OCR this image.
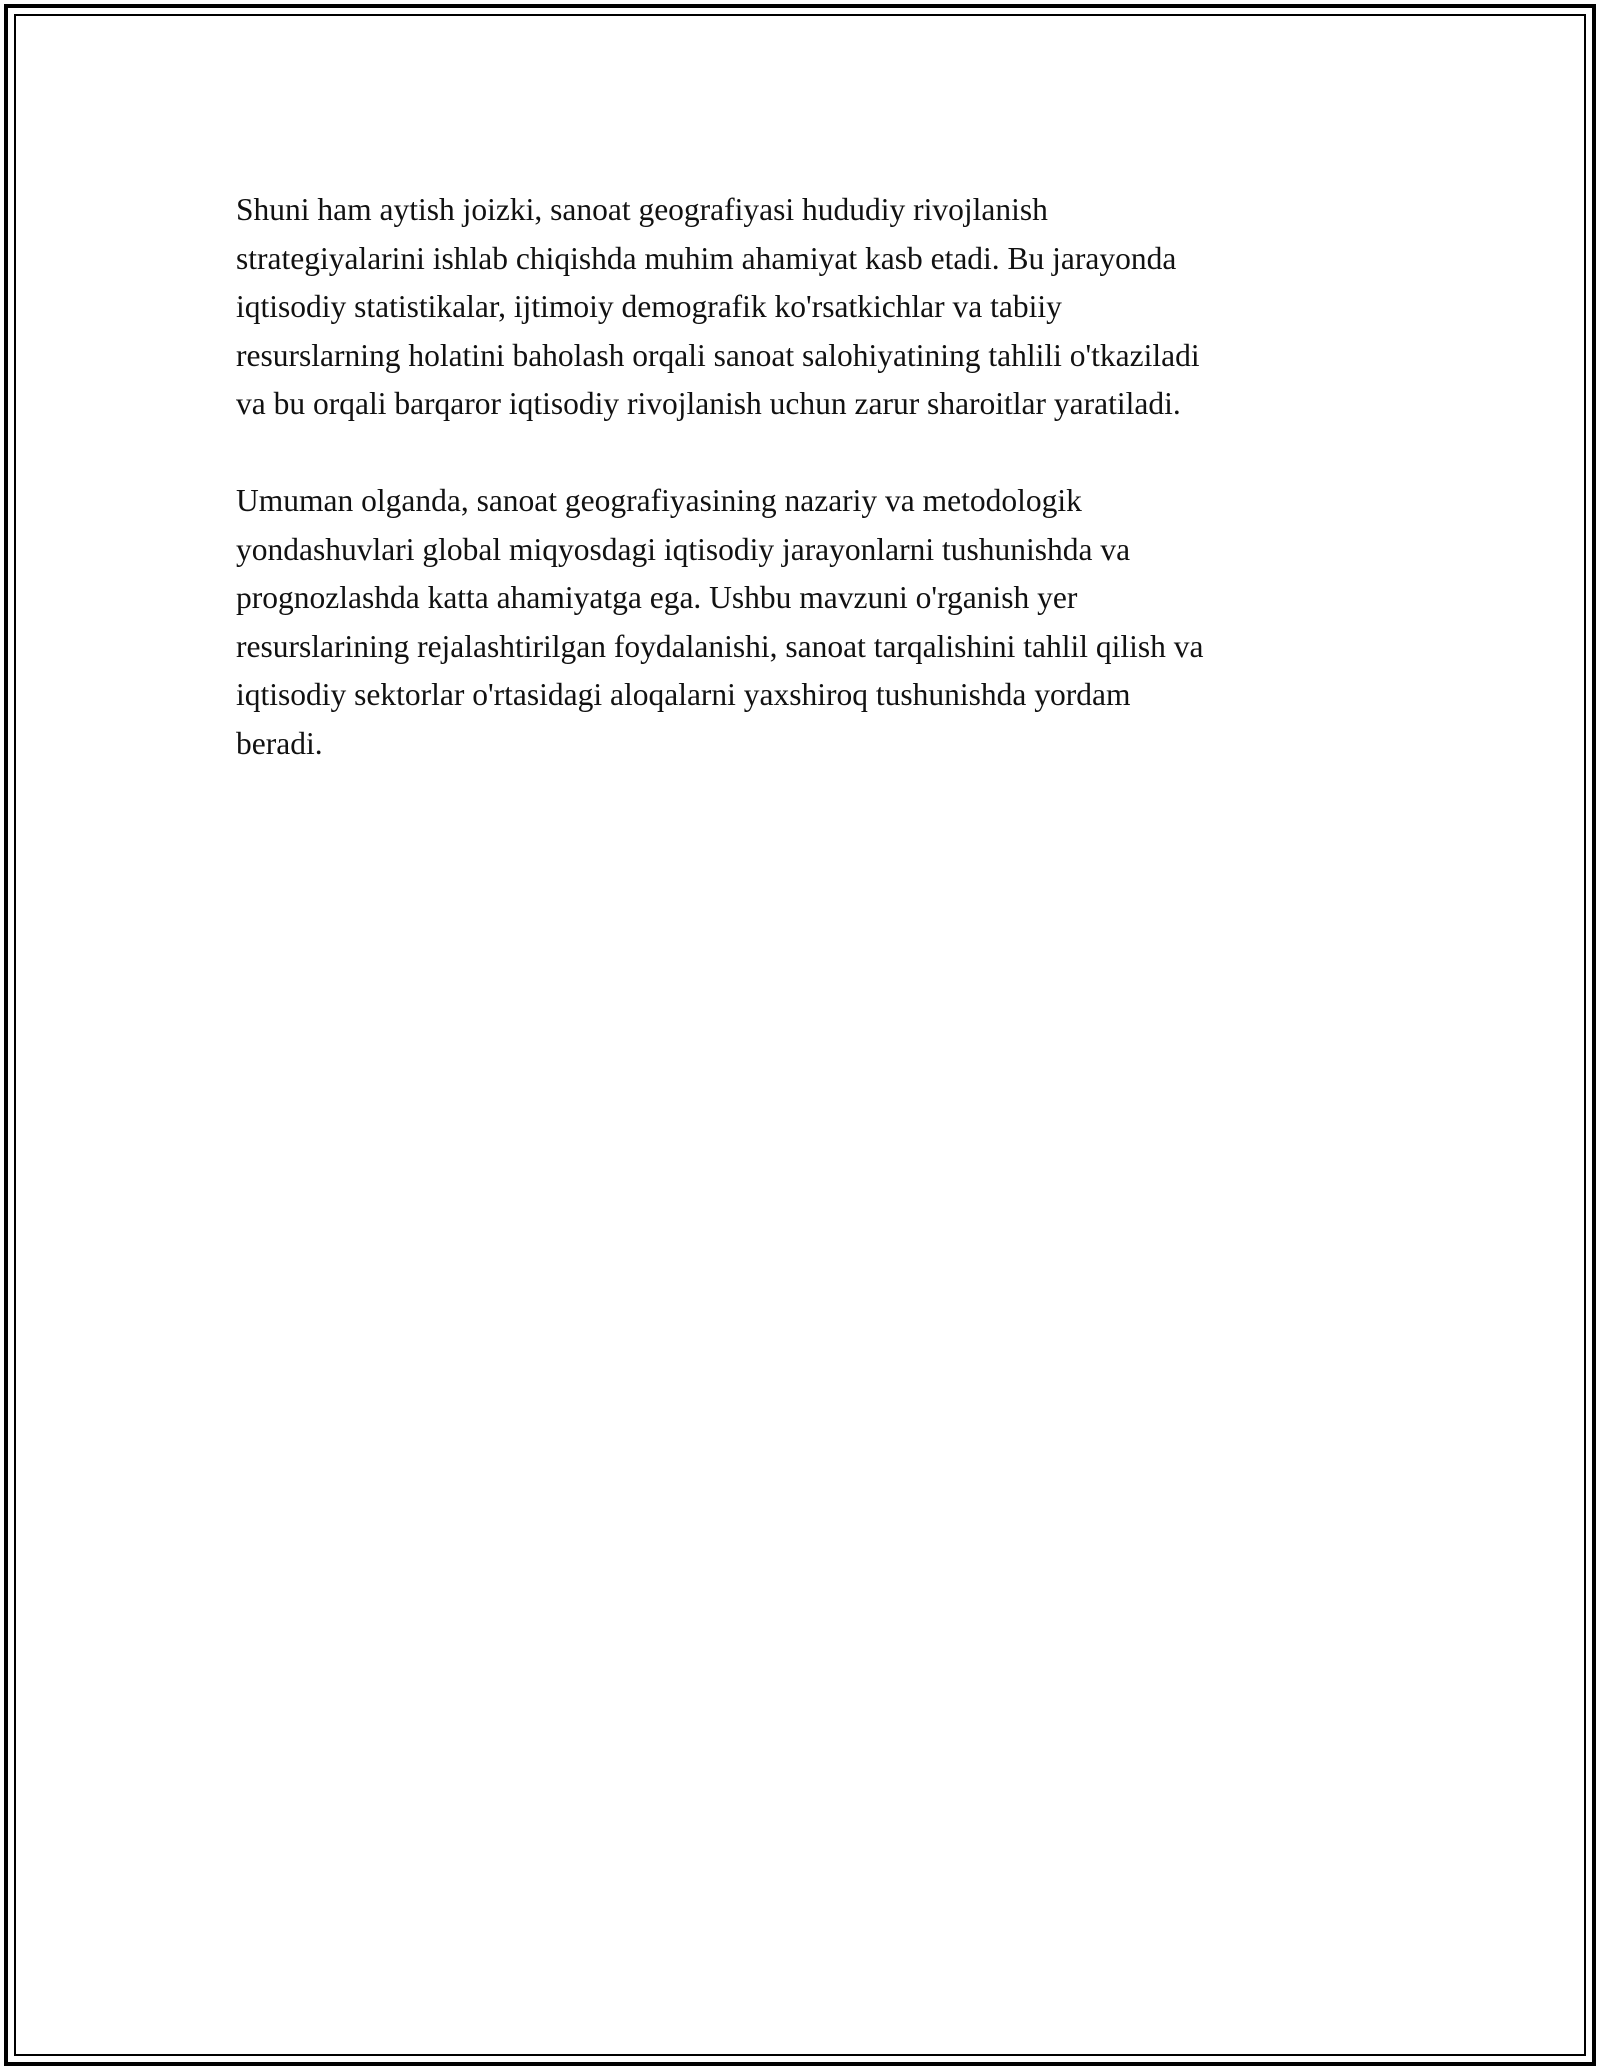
Shuni ham aytish joizki, sanoat geografiyasi hududiy rivojlanish
strategiyalarini ishlab chiqishda muhim ahamiyat kasb etadi. Bu jarayonda
iqtisodiy statistikalar, ijtimoiy demografik ko'rsatkichlar va tabiiy
resurslarning holatini baholash orqali sanoat salohiyatining tahlili o'tkaziladi
va bu orqali barqaror iqtisodiy rivojlanish uchun zarur sharoitlar yaratiladi.

Umuman olganda, sanoat geografiyasining nazariy va metodologik
yondashuvlari global miqyosdagi iqtisodiy jarayonlarni tushunishda va
prognozlashda katta ahamiyatga ega. Ushbu mavzuni o'rganish yer
resurslarining rejalashtirilgan foydalanishi, sanoat tarqalishini tahlil qilish va
iqtisodiy sektorlar o'rtasidagi aloqalarni yaxshiroq tushunishda yordam
beradi.
